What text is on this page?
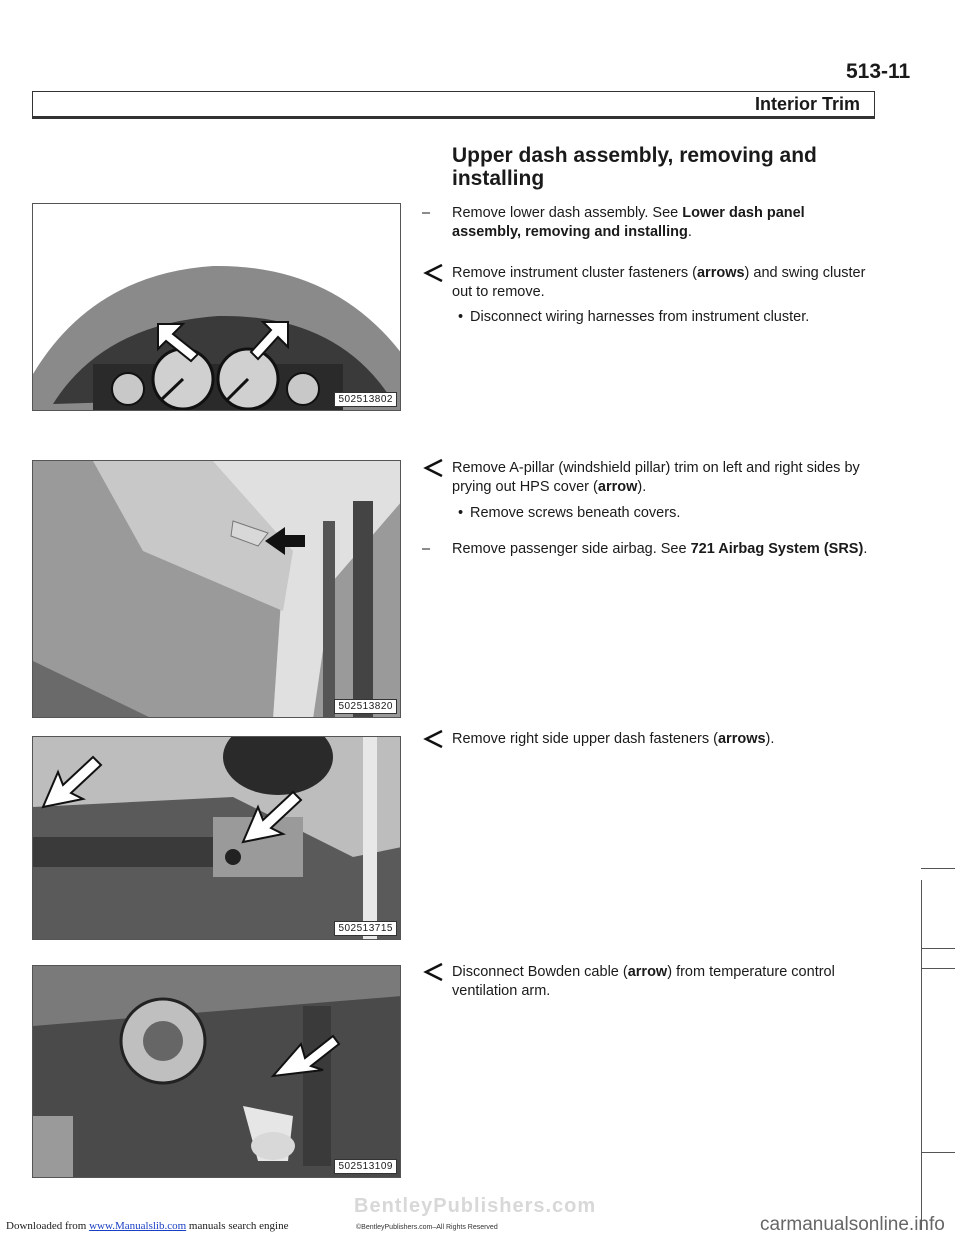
513-11
Interior Trim
Upper dash assembly, removing and installing
502513802
502513820
502513715
502513109
– Remove lower dash assembly. See Lower dash panel assembly, removing and installing.
Remove instrument cluster fasteners (arrows) and swing cluster out to remove.
• Disconnect wiring harnesses from instrument cluster.
Remove A-pillar (windshield pillar) trim on left and right sides by prying out HPS cover (arrow).
• Remove screws beneath covers.
– Remove passenger side airbag. See 721 Airbag System (SRS).
Remove right side upper dash fasteners (arrows).
Disconnect Bowden cable (arrow) from temperature control ventilation arm.
BentleyPublishers.com
Downloaded from www.Manualslib.com manuals search engine	©BentleyPublishers.com–All Rights Reserved	carmanualsonline.info
